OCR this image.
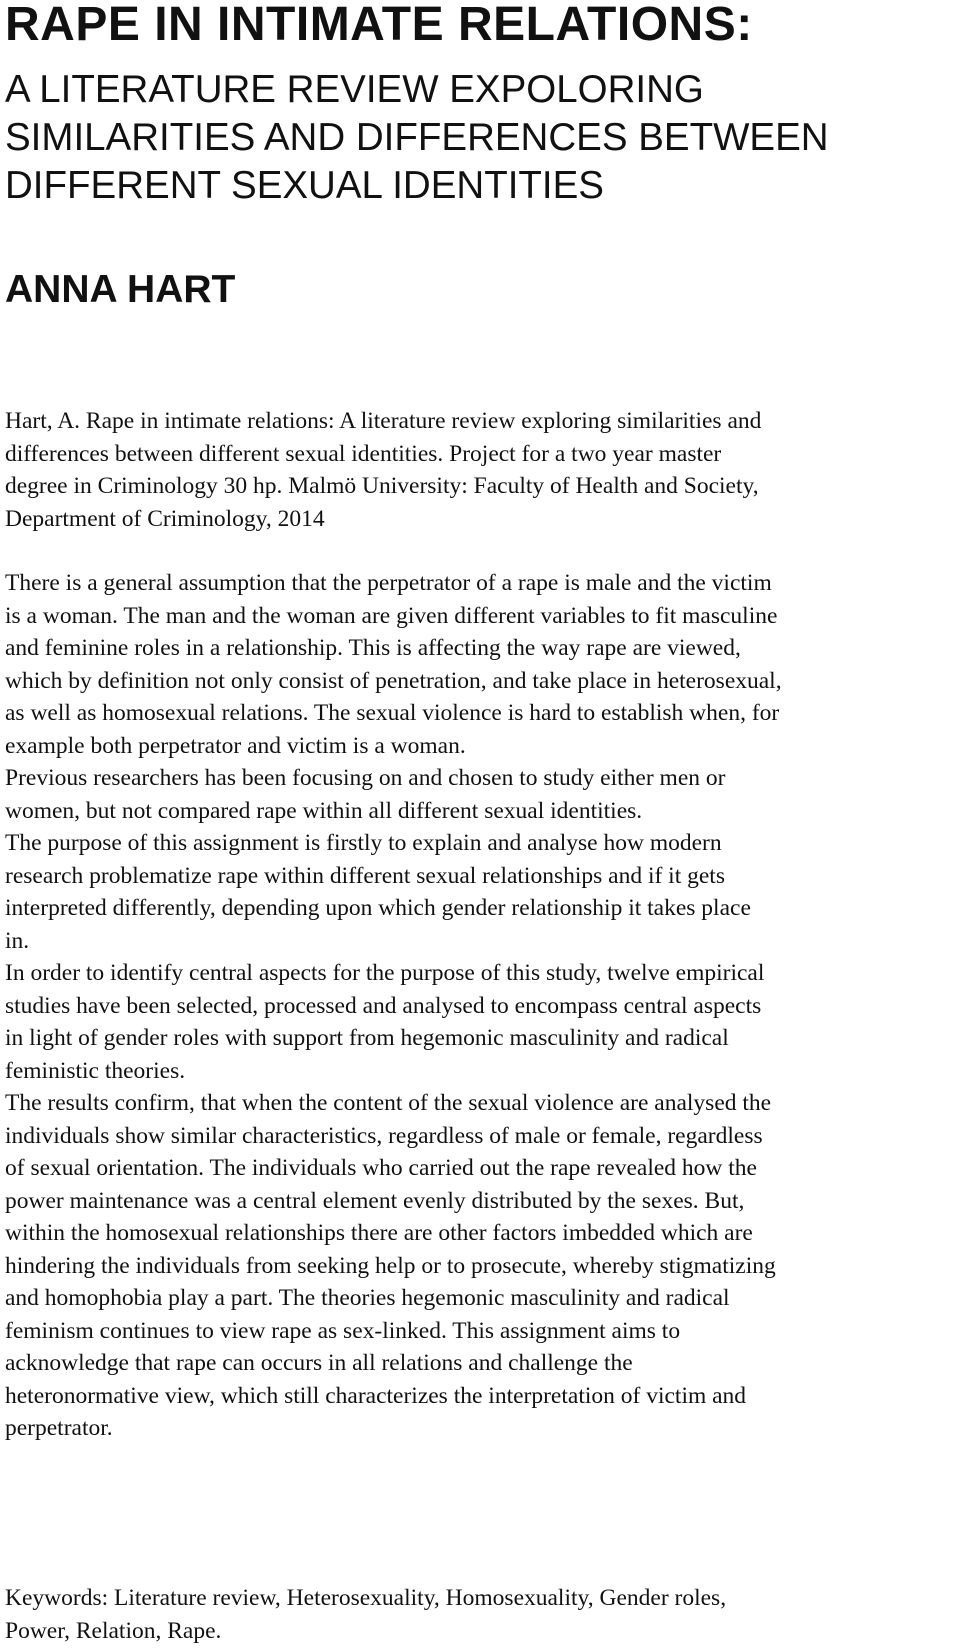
RAPE IN INTIMATE RELATIONS:
A LITERATURE REVIEW EXPOLORING
SIMILARITIES AND DIFFERENCES BETWEEN
DIFFERENT SEXUAL IDENTITIES
ANNA HART
Hart, A. Rape in intimate relations: A literature review exploring similarities and
differences between different sexual identities. Project for a two year master
degree in Criminology 30 hp. Malmö University: Faculty of Health and Society,
Department of Criminology, 2014

There is a general assumption that the perpetrator of a rape is male and the victim
is a woman. The man and the woman are given different variables to fit masculine
and feminine roles in a relationship. This is affecting the way rape are viewed,
which by definition not only consist of penetration, and take place in heterosexual,
as well as homosexual relations. The sexual violence is hard to establish when, for
example both perpetrator and victim is a woman.

Previous researchers has been focusing on and chosen to study either men or
women, but not compared rape within all different sexual identities.

The purpose of this assignment is firstly to explain and analyse how modern
research problematize rape within different sexual relationships and if it gets
interpreted differently, depending upon which gender relationship it takes place
in.

In order to identify central aspects for the purpose of this study, twelve empirical
studies have been selected, processed and analysed to encompass central aspects
in light of gender roles with support from hegemonic masculinity and radical
feministic theories.

The results confirm, that when the content of the sexual violence are analysed the
individuals show similar characteristics, regardless of male or female, regardless
of sexual orientation. The individuals who carried out the rape revealed how the
power maintenance was a central element evenly distributed by the sexes. But,
within the homosexual relationships there are other factors imbedded which are
hindering the individuals from seeking help or to prosecute, whereby stigmatizing
and homophobia play a part. The theories hegemonic masculinity and radical
feminism continues to view rape as sex-linked. This assignment aims to
acknowledge that rape can occurs in all relations and challenge the
heteronormative view, which still characterizes the interpretation of victim and
perpetrator.

Keywords: Literature review, Heterosexuality, Homosexuality, Gender roles,
Power, Relation, Rape.
